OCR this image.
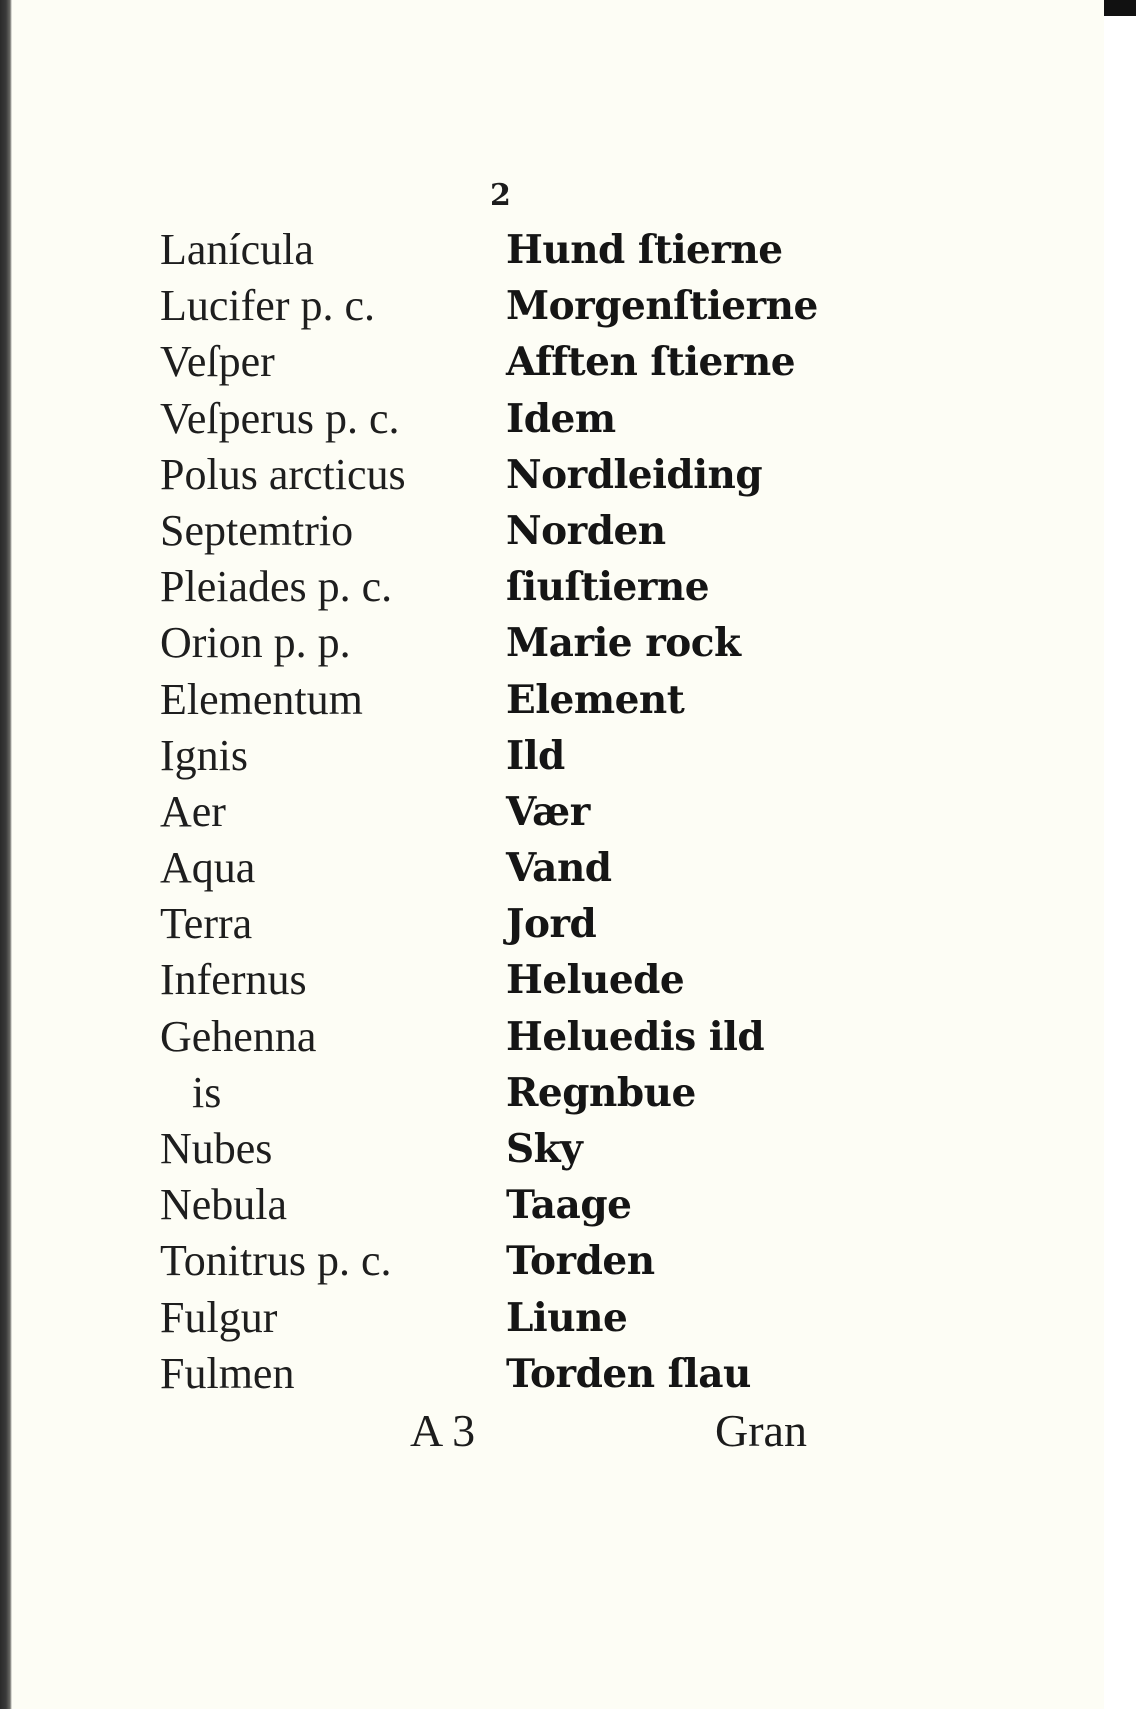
2
Lanícula	Hund ſtierne
Lucifer p. c.	Morgenſtierne
Veſper	Afften ſtierne
Veſperus p. c.	Idem
Polus arcticus	Nordleiding
Septemtrio	Norden
Pleiades p. c.	ſiuſtierne
Orion p. p.	Marie rock
Elementum	Element
Ignis	Ild
Aer	Vær
Aqua	Vand
Terra	Jord
Infernus	Heluede
Gehenna	Heluedis ild
is	Regnbue
Nubes	Sky
Nebula	Taage
Tonitrus p. c.	Torden
Fulgur	Liune
Fulmen	Torden ſlau
A 3	Gran
